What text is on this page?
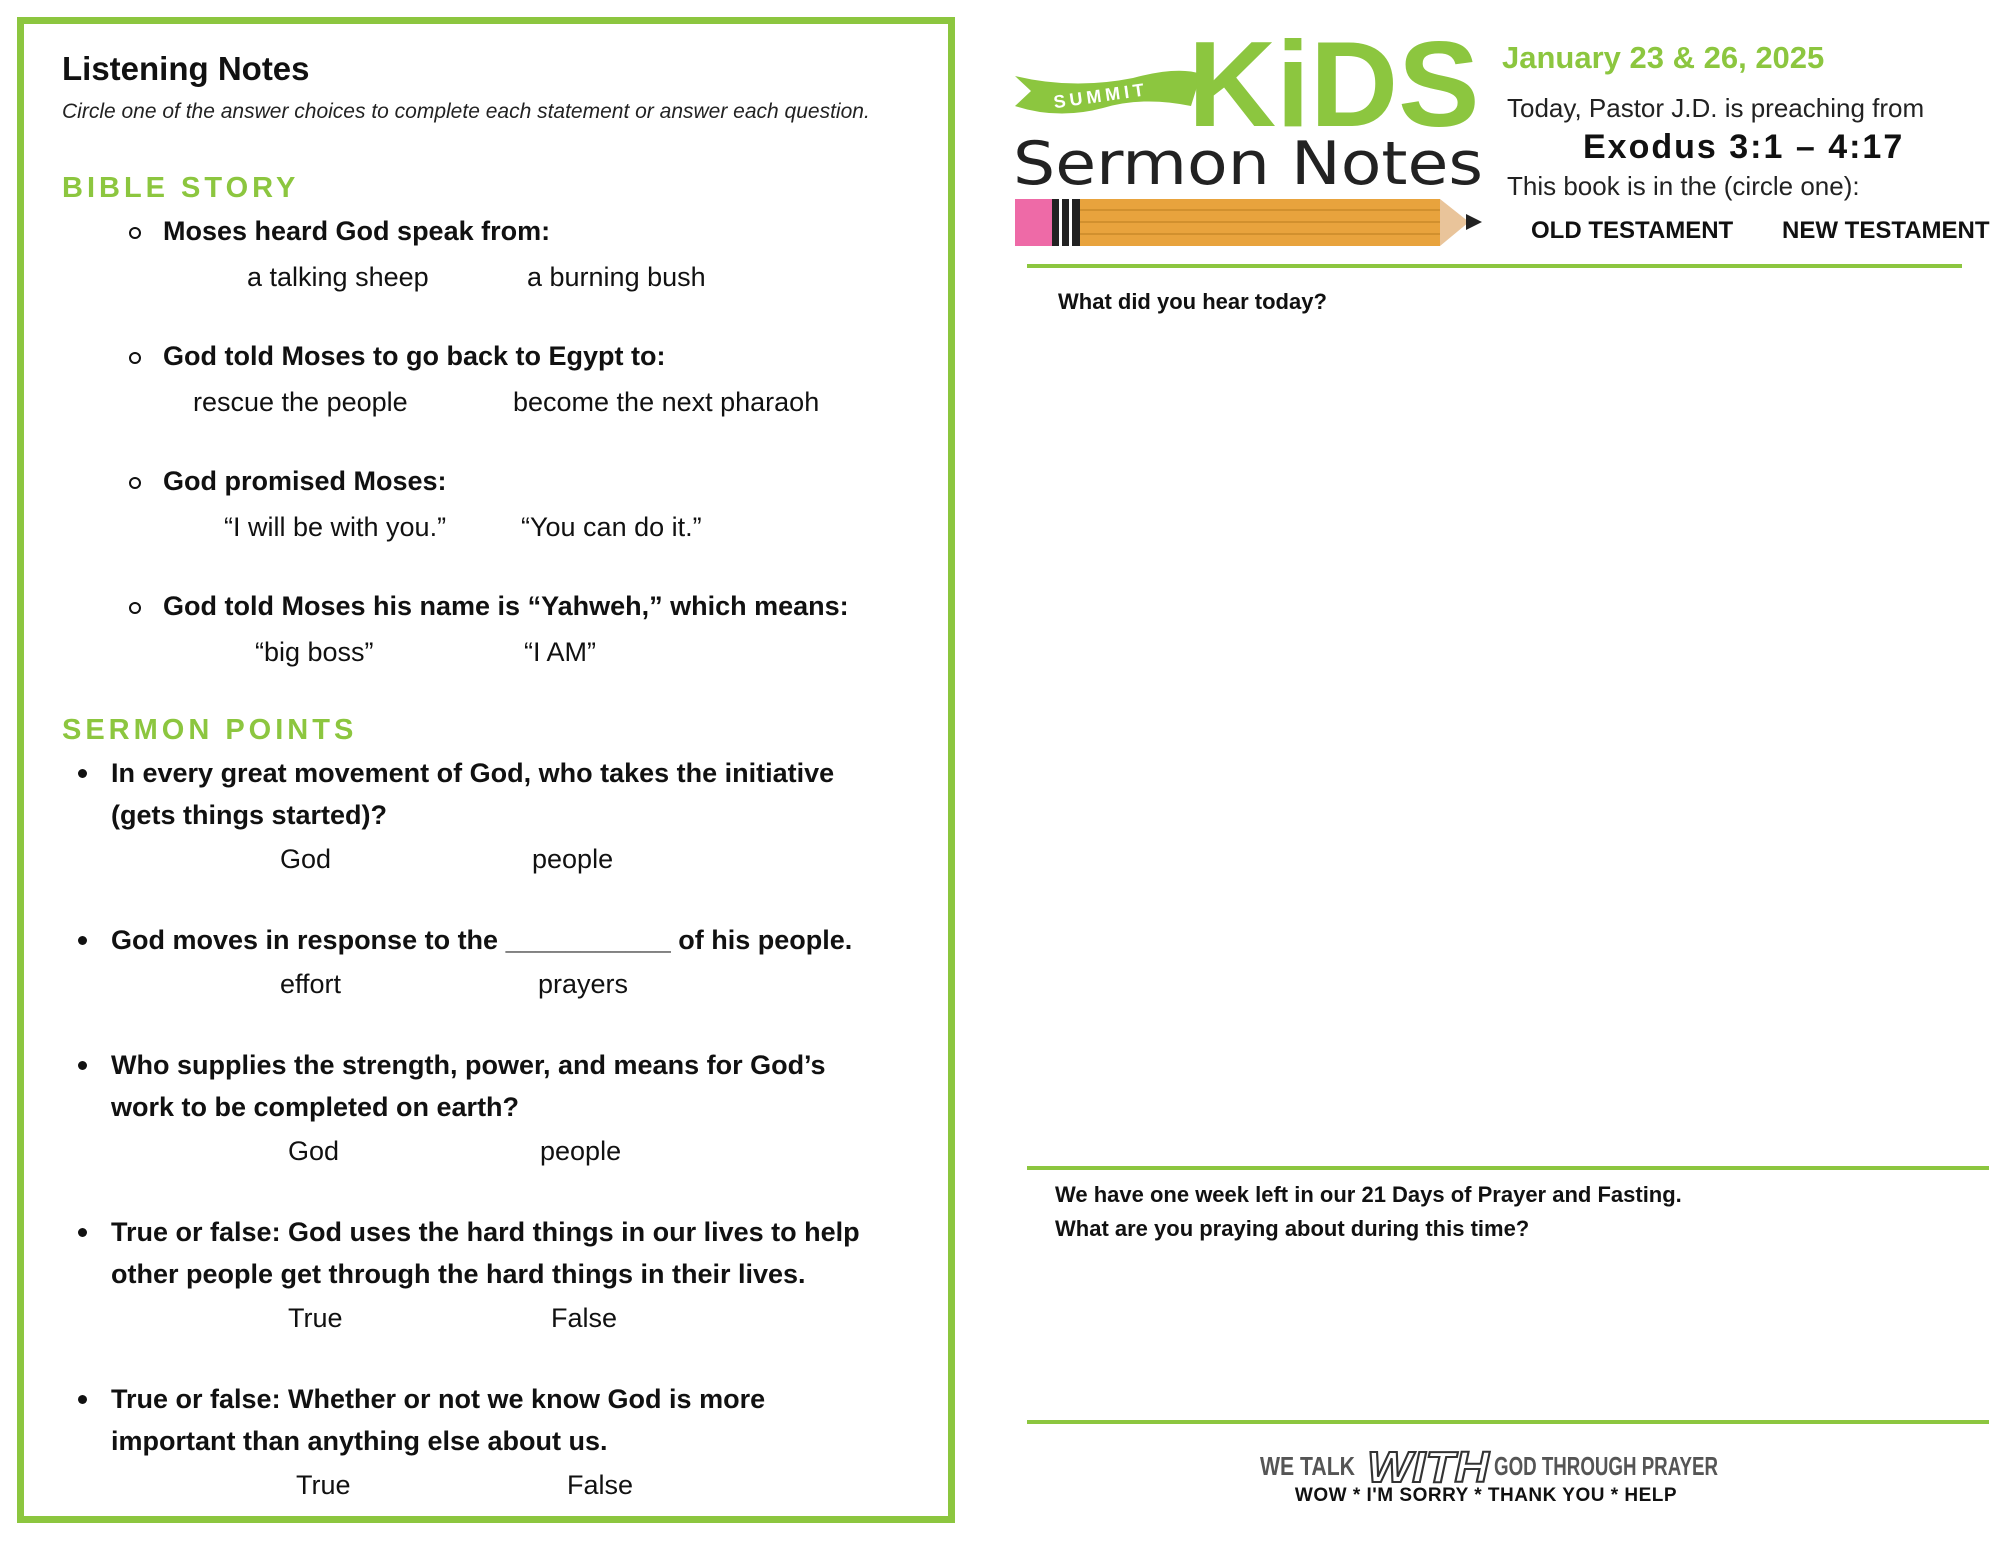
Listening Notes
Circle one of the answer choices to complete each statement or answer each question.
BIBLE STORY
Moses heard God speak from:
a talking sheep	a burning bush
God told Moses to go back to Egypt to:
rescue the people	become the next pharaoh
God promised Moses:
“I will be with you.”	“You can do it.”
God told Moses his name is “Yahweh,” which means:
“big boss”	“I AM”
SERMON POINTS
In every great movement of God, who takes the initiative
(gets things started)?
God	people
God moves in response to the ___________ of his people.
effort	prayers
Who supplies the strength, power, and means for God’s
work to be completed on earth?
God	people
True or false: God uses the hard things in our lives to help
other people get through the hard things in their lives.
True	False
True or false: Whether or not we know God is more
important than anything else about us.
True	False
SUMMIT KiDS
Sermon Notes
January 23 & 26, 2025
Today, Pastor J.D. is preaching from
Exodus 3:1 – 4:17
This book is in the (circle one):
OLD TESTAMENT NEW TESTAMENT
What did you hear today?
We have one week left in our 21 Days of Prayer and Fasting.
What are you praying about during this time?
WE TALK WITH GOD THROUGH PRAYER
WOW * I'M SORRY * THANK YOU * HELP
